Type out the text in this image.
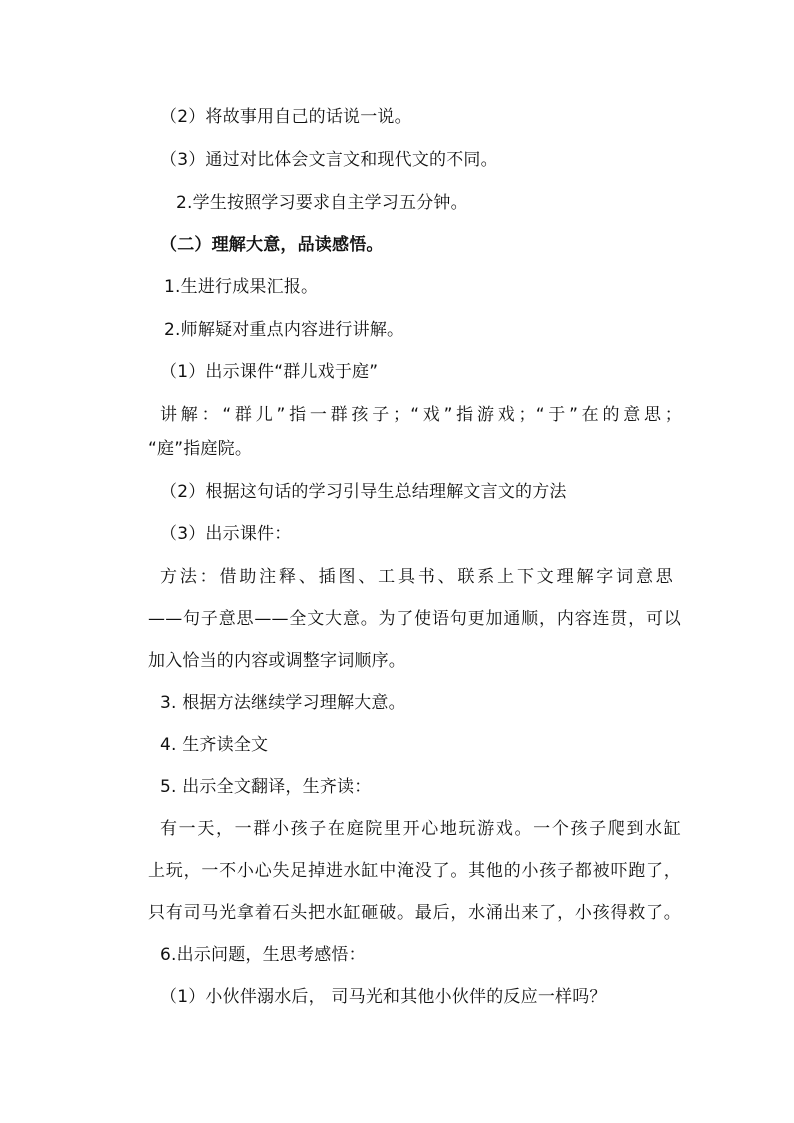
（2）将故事用自己的话说一说。
（3）通过对比体会文言文和现代文的不同。
2.学生按照学习要求自主学习五分钟。
（二）理解大意，品读感悟。
1.生进行成果汇报。
2.师解疑对重点内容进行讲解。
（1）出示课件“群儿戏于庭”
讲解：“群儿”指一群孩子；“戏”指游戏；“于”在的意思；
“庭”指庭院。
（2）根据这句话的学习引导生总结理解文言文的方法
（3）出示课件：
方法：借助注释、插图、工具书、联系上下文理解字词意思
——句子意思——全文大意。为了使语句更加通顺，内容连贯，可以
加入恰当的内容或调整字词顺序。
3. 根据方法继续学习理解大意。
4. 生齐读全文
5. 出示全文翻译，生齐读：
有一天，一群小孩子在庭院里开心地玩游戏。一个孩子爬到水缸
上玩，一不小心失足掉进水缸中淹没了。其他的小孩子都被吓跑了，
只有司马光拿着石头把水缸砸破。最后，水涌出来了，小孩得救了。
6.出示问题，生思考感悟：
（1）小伙伴溺水后， 司马光和其他小伙伴的反应一样吗？
